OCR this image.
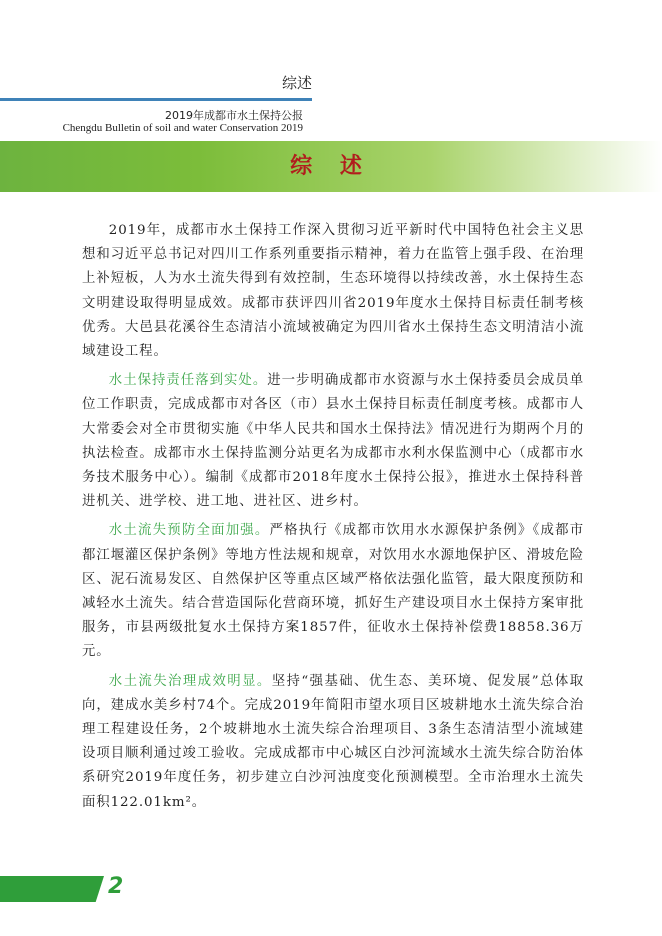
综述
2019年成都市水土保持公报
Chengdu Bulletin of soil and water Conservation 2019
综 述

2019年，成都市水土保持工作深入贯彻习近平新时代中国特色社会主义思想和习近平总书记对四川工作系列重要指示精神，着力在监管上强手段、在治理上补短板，人为水土流失得到有效控制，生态环境得以持续改善，水土保持生态文明建设取得明显成效。成都市获评四川省2019年度水土保持目标责任制考核优秀。大邑县花溪谷生态清洁小流域被确定为四川省水土保持生态文明清洁小流域建设工程。

水土保持责任落到实处。进一步明确成都市水资源与水土保持委员会成员单位工作职责，完成成都市对各区（市）县水土保持目标责任制度考核。成都市人大常委会对全市贯彻实施《中华人民共和国水土保持法》情况进行为期两个月的执法检查。成都市水土保持监测分站更名为成都市水利水保监测中心（成都市水务技术服务中心）。编制《成都市2018年度水土保持公报》，推进水土保持科普进机关、进学校、进工地、进社区、进乡村。

水土流失预防全面加强。严格执行《成都市饮用水水源保护条例》《成都市都江堰灌区保护条例》等地方性法规和规章，对饮用水水源地保护区、滑坡危险区、泥石流易发区、自然保护区等重点区域严格依法强化监管，最大限度预防和减轻水土流失。结合营造国际化营商环境，抓好生产建设项目水土保持方案审批服务，市县两级批复水土保持方案1857件，征收水土保持补偿费18858.36万元。

水土流失治理成效明显。坚持“强基础、优生态、美环境、促发展”总体取向，建成水美乡村74个。完成2019年简阳市望水项目区坡耕地水土流失综合治理工程建设任务，2个坡耕地水土流失综合治理项目、3条生态清洁型小流域建设项目顺利通过竣工验收。完成成都市中心城区白沙河流域水土流失综合防治体系研究2019年度任务，初步建立白沙河浊度变化预测模型。全市治理水土流失面积122.01km²。

2
